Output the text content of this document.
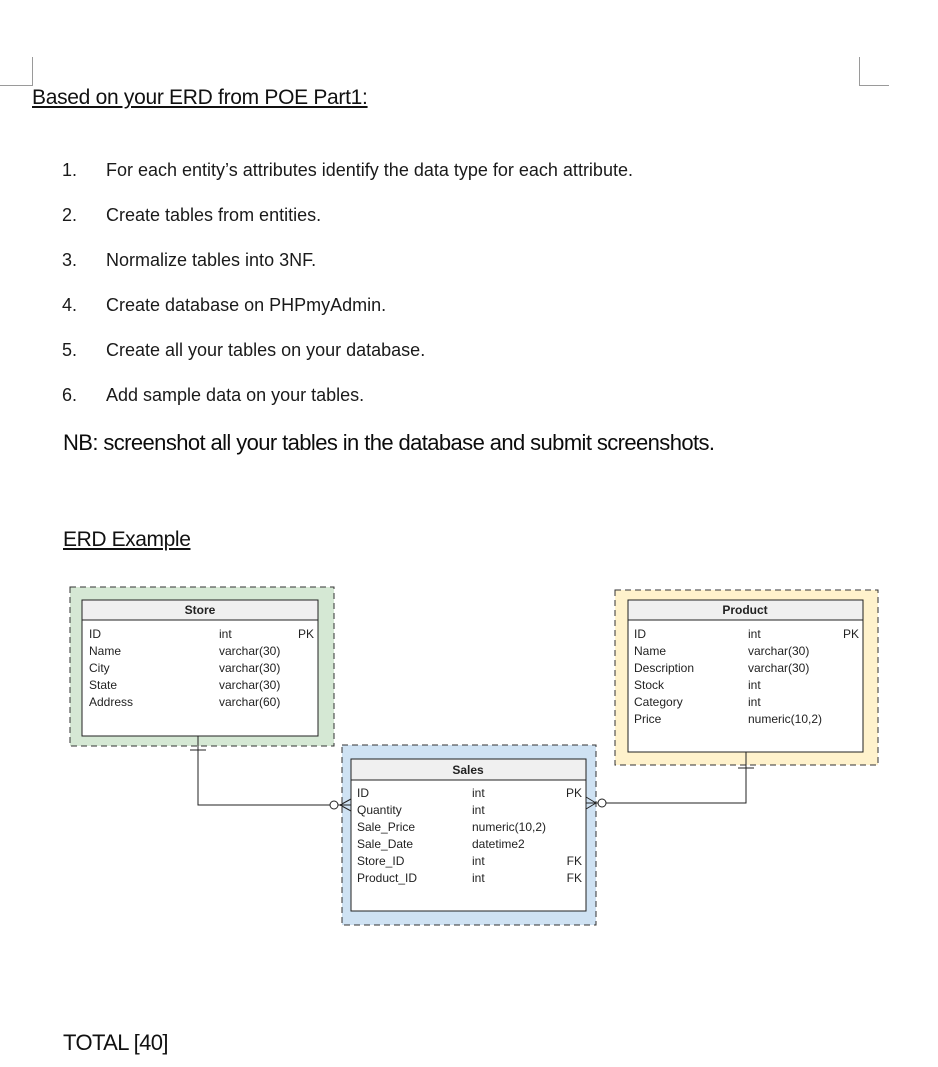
Based on your ERD from POE Part1:
1.	For each entity’s attributes identify the data type for each attribute.
2.	Create tables from entities.
3.	Normalize tables into 3NF.
4.	Create database on PHPmyAdmin.
5.	Create all your tables on your database.
6.	Add sample data on your tables.
NB: screenshot all your tables in the database and submit screenshots.
ERD Example
Store
ID	int	PK
Name	varchar(30)
City	varchar(30)
State	varchar(30)
Address	varchar(60)
Product
ID	int	PK
Name	varchar(30)
Description	varchar(30)
Stock	int
Category	int
Price	numeric(10,2)
Sales
ID	int	PK
Quantity	int
Sale_Price	numeric(10,2)
Sale_Date	datetime2
Store_ID	int	FK
Product_ID	int	FK
TOTAL [40]
